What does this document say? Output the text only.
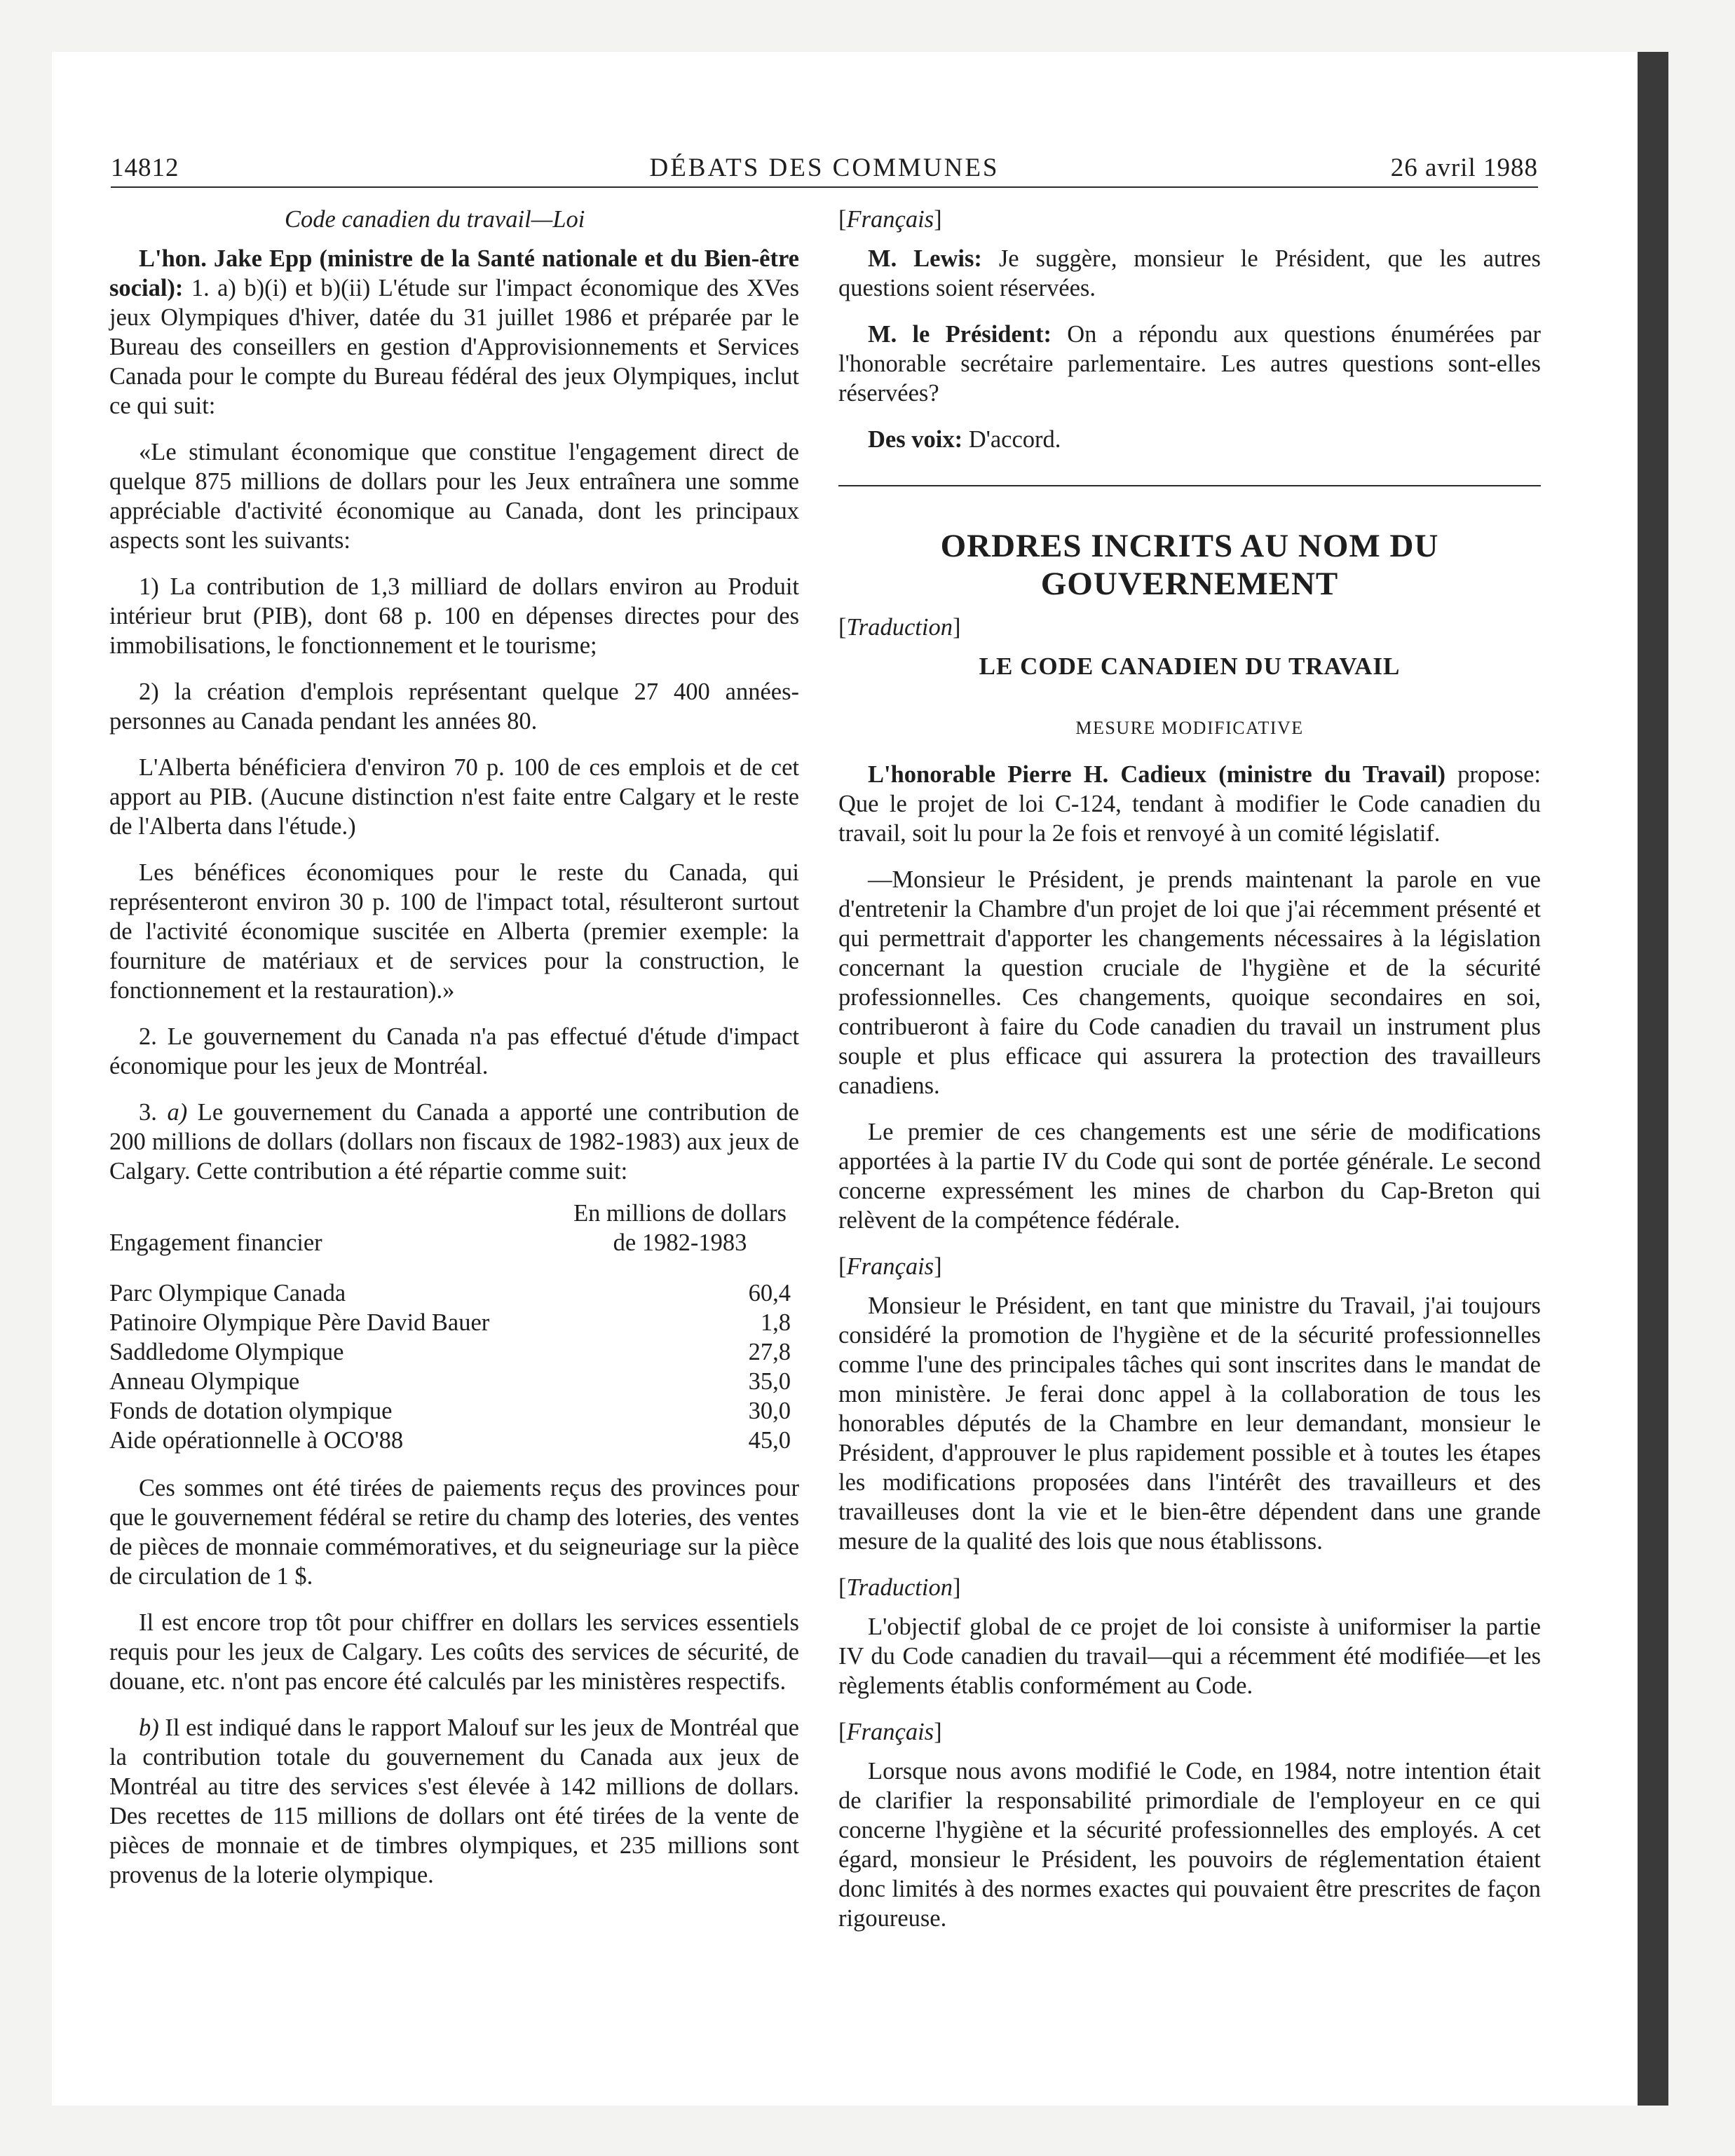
14812	DÉBATS DES COMMUNES	26 avril 1988

Code canadien du travail—Loi

L'hon. Jake Epp (ministre de la Santé nationale et du Bien-être social): 1. a) b)(i) et b)(ii) L'étude sur l'impact économique des XVes jeux Olympiques d'hiver, datée du 31 juillet 1986 et préparée par le Bureau des conseillers en gestion d'Approvisionnements et Services Canada pour le compte du Bureau fédéral des jeux Olympiques, inclut ce qui suit:

«Le stimulant économique que constitue l'engagement direct de quelque 875 millions de dollars pour les Jeux entraînera une somme appréciable d'activité économique au Canada, dont les principaux aspects sont les suivants:

1) La contribution de 1,3 milliard de dollars environ au Produit intérieur brut (PIB), dont 68 p. 100 en dépenses directes pour des immobilisations, le fonctionnement et le tourisme;

2) la création d'emplois représentant quelque 27 400 années-personnes au Canada pendant les années 80.

L'Alberta bénéficiera d'environ 70 p. 100 de ces emplois et de cet apport au PIB. (Aucune distinction n'est faite entre Calgary et le reste de l'Alberta dans l'étude.)

Les bénéfices économiques pour le reste du Canada, qui représenteront environ 30 p. 100 de l'impact total, résulteront surtout de l'activité économique suscitée en Alberta (premier exemple: la fourniture de matériaux et de services pour la construction, le fonctionnement et la restauration).»

2. Le gouvernement du Canada n'a pas effectué d'étude d'impact économique pour les jeux de Montréal.

3. a) Le gouvernement du Canada a apporté une contribution de 200 millions de dollars (dollars non fiscaux de 1982-1983) aux jeux de Calgary. Cette contribution a été répartie comme suit:

Engagement financier
En millions de dollars
de 1982-1983
Parc Olympique Canada	60,4
Patinoire Olympique Père David Bauer	1,8
Saddledome Olympique	27,8
Anneau Olympique	35,0
Fonds de dotation olympique	30,0
Aide opérationnelle à OCO'88	45,0

Ces sommes ont été tirées de paiements reçus des provinces pour que le gouvernement fédéral se retire du champ des loteries, des ventes de pièces de monnaie commémoratives, et du seigneuriage sur la pièce de circulation de 1 $.

Il est encore trop tôt pour chiffrer en dollars les services essentiels requis pour les jeux de Calgary. Les coûts des services de sécurité, de douane, etc. n'ont pas encore été calculés par les ministères respectifs.

b) Il est indiqué dans le rapport Malouf sur les jeux de Montréal que la contribution totale du gouvernement du Canada aux jeux de Montréal au titre des services s'est élevée à 142 millions de dollars. Des recettes de 115 millions de dollars ont été tirées de la vente de pièces de monnaie et de timbres olympiques, et 235 millions sont provenus de la loterie olympique.

[Français]

M. Lewis: Je suggère, monsieur le Président, que les autres questions soient réservées.

M. le Président: On a répondu aux questions énumérées par l'honorable secrétaire parlementaire. Les autres questions sont-elles réservées?

Des voix: D'accord.

ORDRES INCRITS AU NOM DU
GOUVERNEMENT

[Traduction]

LE CODE CANADIEN DU TRAVAIL

MESURE MODIFICATIVE

L'honorable Pierre H. Cadieux (ministre du Travail) propose: Que le projet de loi C-124, tendant à modifier le Code canadien du travail, soit lu pour la 2e fois et renvoyé à un comité législatif.

—Monsieur le Président, je prends maintenant la parole en vue d'entretenir la Chambre d'un projet de loi que j'ai récemment présenté et qui permettrait d'apporter les changements nécessaires à la législation concernant la question cruciale de l'hygiène et de la sécurité professionnelles. Ces changements, quoique secondaires en soi, contribueront à faire du Code canadien du travail un instrument plus souple et plus efficace qui assurera la protection des travailleurs canadiens.

Le premier de ces changements est une série de modifications apportées à la partie IV du Code qui sont de portée générale. Le second concerne expressément les mines de charbon du Cap-Breton qui relèvent de la compétence fédérale.

[Français]

Monsieur le Président, en tant que ministre du Travail, j'ai toujours considéré la promotion de l'hygiène et de la sécurité professionnelles comme l'une des principales tâches qui sont inscrites dans le mandat de mon ministère. Je ferai donc appel à la collaboration de tous les honorables députés de la Chambre en leur demandant, monsieur le Président, d'approuver le plus rapidement possible et à toutes les étapes les modifications proposées dans l'intérêt des travailleurs et des travailleuses dont la vie et le bien-être dépendent dans une grande mesure de la qualité des lois que nous établissons.

[Traduction]

L'objectif global de ce projet de loi consiste à uniformiser la partie IV du Code canadien du travail—qui a récemment été modifiée—et les règlements établis conformément au Code.

[Français]

Lorsque nous avons modifié le Code, en 1984, notre intention était de clarifier la responsabilité primordiale de l'employeur en ce qui concerne l'hygiène et la sécurité professionnelles des employés. A cet égard, monsieur le Président, les pouvoirs de réglementation étaient donc limités à des normes exactes qui pouvaient être prescrites de façon rigoureuse.
